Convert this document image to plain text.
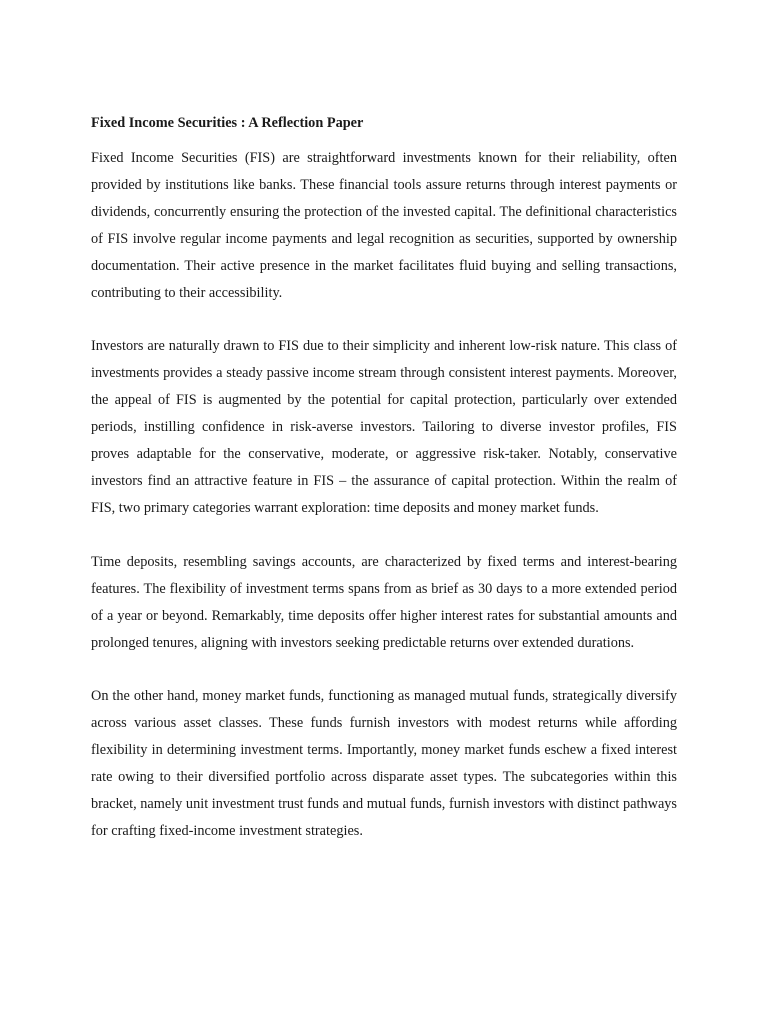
Fixed Income Securities : A Reflection Paper

Fixed Income Securities (FIS) are straightforward investments known for their reliability, often provided by institutions like banks. These financial tools assure returns through interest payments or dividends, concurrently ensuring the protection of the invested capital. The definitional characteristics of FIS involve regular income payments and legal recognition as securities, supported by ownership documentation. Their active presence in the market facilitates fluid buying and selling transactions, contributing to their accessibility.

Investors are naturally drawn to FIS due to their simplicity and inherent low-risk nature. This class of investments provides a steady passive income stream through consistent interest payments. Moreover, the appeal of FIS is augmented by the potential for capital protection, particularly over extended periods, instilling confidence in risk-averse investors. Tailoring to diverse investor profiles, FIS proves adaptable for the conservative, moderate, or aggressive risk-taker. Notably, conservative investors find an attractive feature in FIS – the assurance of capital protection. Within the realm of FIS, two primary categories warrant exploration: time deposits and money market funds.

Time deposits, resembling savings accounts, are characterized by fixed terms and interest-bearing features. The flexibility of investment terms spans from as brief as 30 days to a more extended period of a year or beyond. Remarkably, time deposits offer higher interest rates for substantial amounts and prolonged tenures, aligning with investors seeking predictable returns over extended durations.

On the other hand, money market funds, functioning as managed mutual funds, strategically diversify across various asset classes. These funds furnish investors with modest returns while affording flexibility in determining investment terms. Importantly, money market funds eschew a fixed interest rate owing to their diversified portfolio across disparate asset types. The subcategories within this bracket, namely unit investment trust funds and mutual funds, furnish investors with distinct pathways for crafting fixed-income investment strategies.
